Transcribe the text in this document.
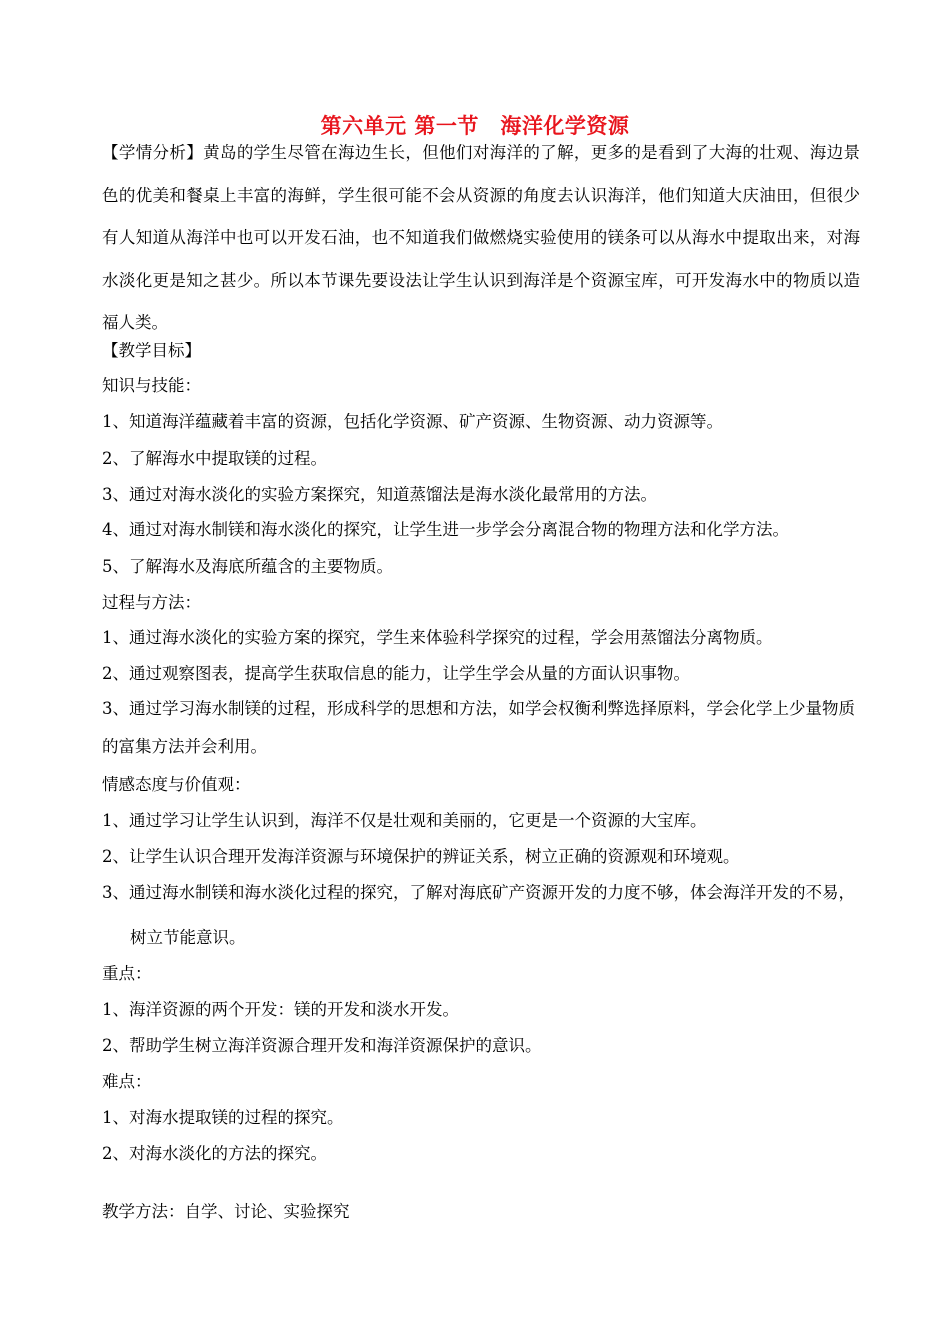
第六单元 第一节　海洋化学资源
【学情分析】黄岛的学生尽管在海边生长，但他们对海洋的了解，更多的是看到了大海的壮观、海边景色的优美和餐桌上丰富的海鲜，学生很可能不会从资源的角度去认识海洋，他们知道大庆油田，但很少有人知道从海洋中也可以开发石油，也不知道我们做燃烧实验使用的镁条可以从海水中提取出来，对海水淡化更是知之甚少。所以本节课先要设法让学生认识到海洋是个资源宝库，可开发海水中的物质以造福人类。
【教学目标】
知识与技能：
1、知道海洋蕴藏着丰富的资源，包括化学资源、矿产资源、生物资源、动力资源等。
2、了解海水中提取镁的过程。
3、通过对海水淡化的实验方案探究，知道蒸馏法是海水淡化最常用的方法。
4、通过对海水制镁和海水淡化的探究，让学生进一步学会分离混合物的物理方法和化学方法。
5、了解海水及海底所蕴含的主要物质。
过程与方法：
1、通过海水淡化的实验方案的探究，学生来体验科学探究的过程，学会用蒸馏法分离物质。
2、通过观察图表，提高学生获取信息的能力，让学生学会从量的方面认识事物。
3、通过学习海水制镁的过程，形成科学的思想和方法，如学会权衡利弊选择原料，学会化学上少量物质的富集方法并会利用。
情感态度与价值观：
1、通过学习让学生认识到，海洋不仅是壮观和美丽的，它更是一个资源的大宝库。
2、让学生认识合理开发海洋资源与环境保护的辨证关系，树立正确的资源观和环境观。
3、通过海水制镁和海水淡化过程的探究，了解对海底矿产资源开发的力度不够，体会海洋开发的不易，
树立节能意识。
重点：
1、海洋资源的两个开发：镁的开发和淡水开发。
2、帮助学生树立海洋资源合理开发和海洋资源保护的意识。
难点：
1、对海水提取镁的过程的探究。
2、对海水淡化的方法的探究。
教学方法：自学、讨论、实验探究
